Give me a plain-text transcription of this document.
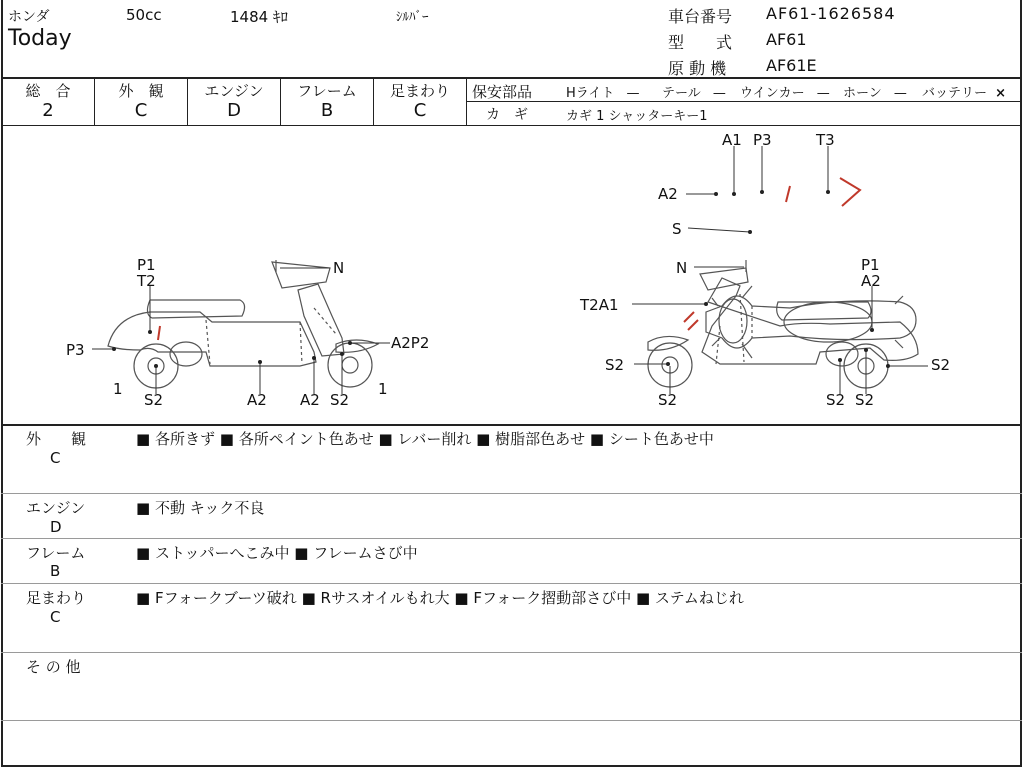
ホンダ	50cc	1484 ｷﾛ	ｼﾙﾊﾞｰ
Today
車台番号 AF61-1626584
型　　式 AF61
原 動 機 AF61E
総　合
2
外　観
C
エンジン
D
フレーム
B
足まわり
C
保安部品	Hライト — テール — ウインカー — ホーン — バッテリー ×
カ　ギ	カギ 1 シャッターキー1
A1 P3	T3
A2
S
P1
T2
N
P3
1
S2	A2 A2 S2
A2P2
1
N	P1
A2
T2A1
S2
S2	S2 S2
S2
外　　観
C
■ 各所きず ■ 各所ペイント色あせ ■ レバー削れ ■ 樹脂部色あせ ■ シート色あせ中
エンジン
D
■ 不動 キック不良
フレーム
B
■ ストッパーへこみ中 ■ フレームさび中
足まわり
C
■ Fフォークブーツ破れ ■ Rサスオイルもれ大 ■ Fフォーク摺動部さび中 ■ ステムねじれ
そ の 他
